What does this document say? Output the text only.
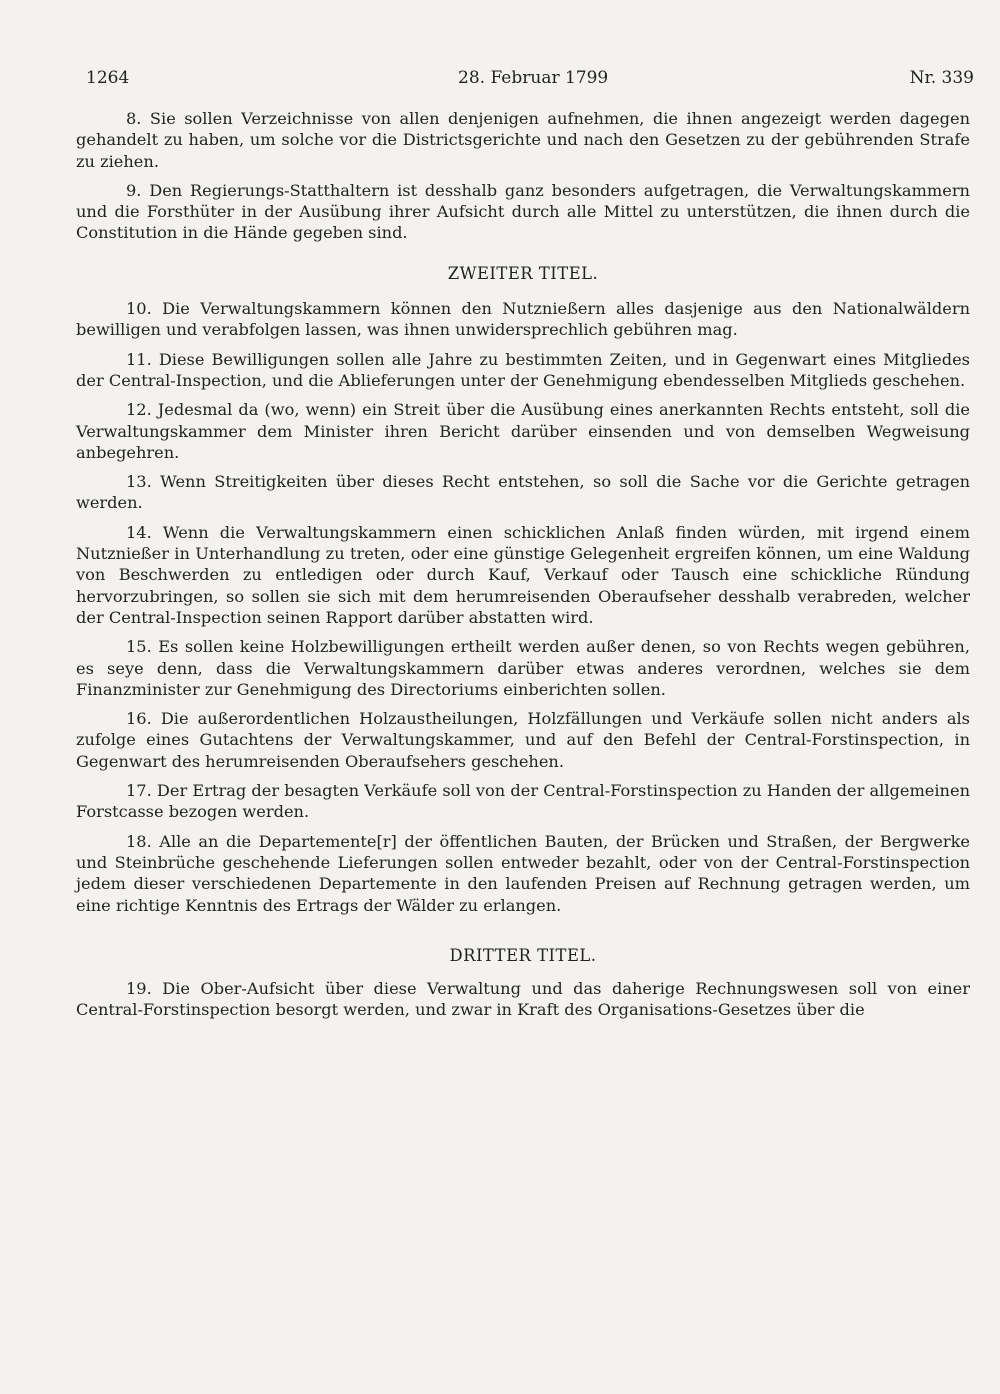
1264	28. Februar 1799	Nr. 339
8. Sie sollen Verzeichnisse von allen denjenigen aufnehmen, die ihnen angezeigt werden dagegen gehandelt zu haben, um solche vor die Districtsgerichte und nach den Gesetzen zu der gebührenden Strafe zu ziehen.
9. Den Regierungs-Statthaltern ist desshalb ganz besonders aufgetragen, die Verwaltungskammern und die Forsthüter in der Ausübung ihrer Aufsicht durch alle Mittel zu unterstützen, die ihnen durch die Constitution in die Hände gegeben sind.
ZWEITER TITEL.
10. Die Verwaltungskammern können den Nutznießern alles dasjenige aus den Nationalwäldern bewilligen und verabfolgen lassen, was ihnen unwidersprechlich gebühren mag.
11. Diese Bewilligungen sollen alle Jahre zu bestimmten Zeiten, und in Gegenwart eines Mitgliedes der Central-Inspection, und die Ablieferungen unter der Genehmigung ebendesselben Mitglieds geschehen.
12. Jedesmal da (wo, wenn) ein Streit über die Ausübung eines anerkannten Rechts entsteht, soll die Verwaltungskammer dem Minister ihren Bericht darüber einsenden und von demselben Wegweisung anbegehren.
13. Wenn Streitigkeiten über dieses Recht entstehen, so soll die Sache vor die Gerichte getragen werden.
14. Wenn die Verwaltungskammern einen schicklichen Anlaß finden würden, mit irgend einem Nutznießer in Unterhandlung zu treten, oder eine günstige Gelegenheit ergreifen können, um eine Waldung von Beschwerden zu entledigen oder durch Kauf, Verkauf oder Tausch eine schickliche Ründung hervorzubringen, so sollen sie sich mit dem herumreisenden Oberaufseher desshalb verabreden, welcher der Central-Inspection seinen Rapport darüber abstatten wird.
15. Es sollen keine Holzbewilligungen ertheilt werden außer denen, so von Rechts wegen gebühren, es seye denn, dass die Verwaltungskammern darüber etwas anderes verordnen, welches sie dem Finanzminister zur Genehmigung des Directoriums einberichten sollen.
16. Die außerordentlichen Holzaustheilungen, Holzfällungen und Verkäufe sollen nicht anders als zufolge eines Gutachtens der Verwaltungskammer, und auf den Befehl der Central-Forstinspection, in Gegenwart des herumreisenden Oberaufsehers geschehen.
17. Der Ertrag der besagten Verkäufe soll von der Central-Forstinspection zu Handen der allgemeinen Forstcasse bezogen werden.
18. Alle an die Departemente[r] der öffentlichen Bauten, der Brücken und Straßen, der Bergwerke und Steinbrüche geschehende Lieferungen sollen entweder bezahlt, oder von der Central-Forstinspection jedem dieser verschiedenen Departemente in den laufenden Preisen auf Rechnung getragen werden, um eine richtige Kenntnis des Ertrags der Wälder zu erlangen.
DRITTER TITEL.
19. Die Ober-Aufsicht über diese Verwaltung und das daherige Rechnungswesen soll von einer Central-Forstinspection besorgt werden, und zwar in Kraft des Organisations-Gesetzes über die
